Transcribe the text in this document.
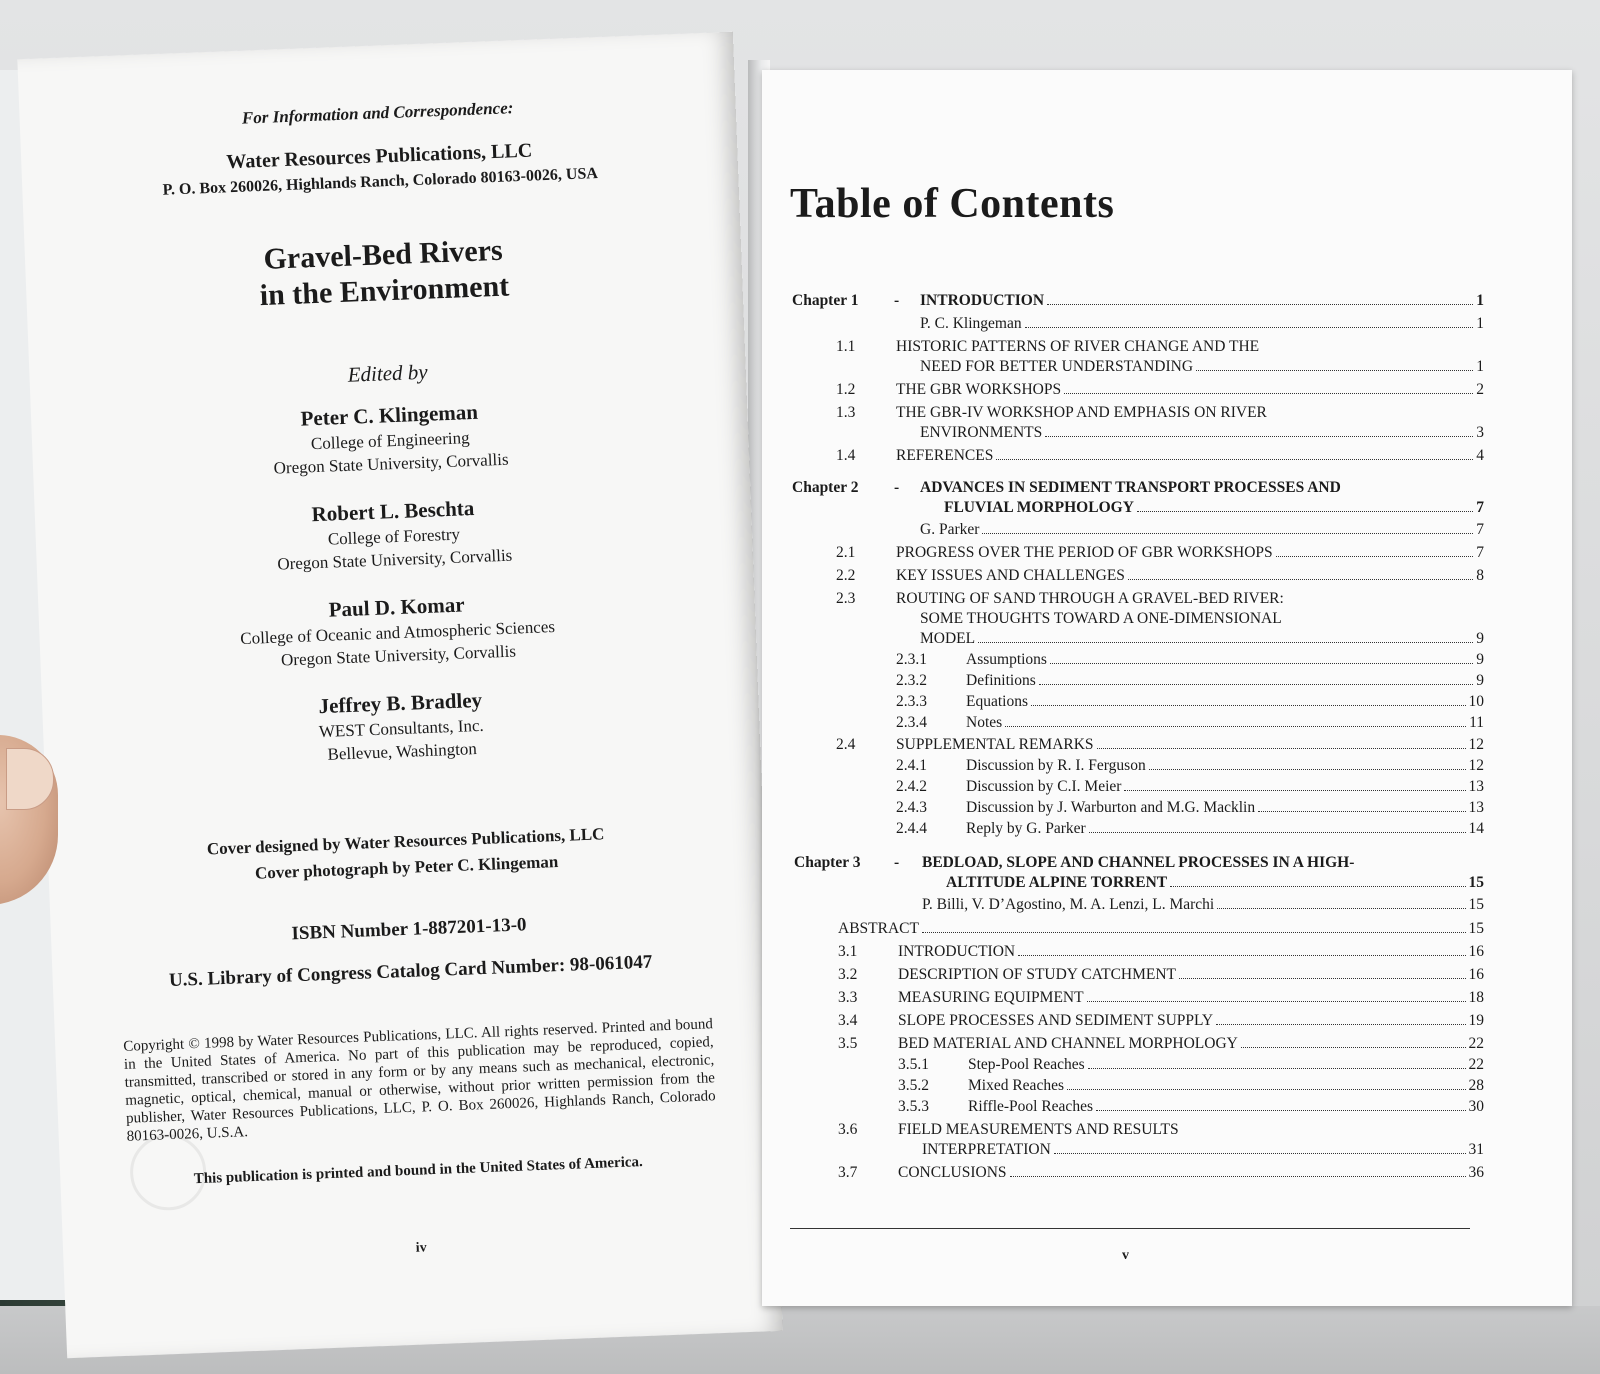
For Information and Correspondence:
Water Resources Publications, LLC
P. O. Box 260026, Highlands Ranch, Colorado 80163-0026, USA
Gravel-Bed Rivers
in the Environment
Edited by
Peter C. Klingeman
College of Engineering
Oregon State University, Corvallis
Robert L. Beschta
College of Forestry
Oregon State University, Corvallis
Paul D. Komar
College of Oceanic and Atmospheric Sciences
Oregon State University, Corvallis
Jeffrey B. Bradley
WEST Consultants, Inc.
Bellevue, Washington
Cover designed by Water Resources Publications, LLC
Cover photograph by Peter C. Klingeman
ISBN Number 1-887201-13-0
U.S. Library of Congress Catalog Card Number: 98-061047
Copyright © 1998 by Water Resources Publications, LLC. All rights reserved. Printed and bound in the United States of America. No part of this publication may be reproduced, copied, transmitted, transcribed or stored in any form or by any means such as mechanical, electronic, magnetic, optical, chemical, manual or otherwise, without prior written permission from the publisher, Water Resources Publications, LLC, P. O. Box 260026, Highlands Ranch, Colorado 80163-0026, U.S.A.
This publication is printed and bound in the United States of America.
iv
Table of Contents
Chapter 1 - INTRODUCTION	1
P. C. Klingeman	1
1.1	HISTORIC PATTERNS OF RIVER CHANGE AND THE
NEED FOR BETTER UNDERSTANDING	1
1.2	THE GBR WORKSHOPS	2
1.3	THE GBR-IV WORKSHOP AND EMPHASIS ON RIVER
ENVIRONMENTS	3
1.4	REFERENCES	4
Chapter 2 - ADVANCES IN SEDIMENT TRANSPORT PROCESSES AND
FLUVIAL MORPHOLOGY	7
G. Parker	7
2.1	PROGRESS OVER THE PERIOD OF GBR WORKSHOPS	7
2.2	KEY ISSUES AND CHALLENGES	8
2.3	ROUTING OF SAND THROUGH A GRAVEL-BED RIVER:
SOME THOUGHTS TOWARD A ONE-DIMENSIONAL
MODEL	9
2.3.1	Assumptions	9
2.3.2	Definitions	9
2.3.3	Equations	10
2.3.4	Notes	11
2.4	SUPPLEMENTAL REMARKS	12
2.4.1	Discussion by R. I. Ferguson	12
2.4.2	Discussion by C.I. Meier	13
2.4.3	Discussion by J. Warburton and M.G. Macklin	13
2.4.4	Reply by G. Parker	14
Chapter 3 - BEDLOAD, SLOPE AND CHANNEL PROCESSES IN A HIGH-
ALTITUDE ALPINE TORRENT	15
P. Billi, V. D’Agostino, M. A. Lenzi, L. Marchi	15
ABSTRACT	15
3.1	INTRODUCTION	16
3.2	DESCRIPTION OF STUDY CATCHMENT	16
3.3	MEASURING EQUIPMENT	18
3.4	SLOPE PROCESSES AND SEDIMENT SUPPLY	19
3.5	BED MATERIAL AND CHANNEL MORPHOLOGY	22
3.5.1	Step-Pool Reaches	22
3.5.2	Mixed Reaches	28
3.5.3	Riffle-Pool Reaches	30
3.6	FIELD MEASUREMENTS AND RESULTS
INTERPRETATION	31
3.7	CONCLUSIONS	36
v
